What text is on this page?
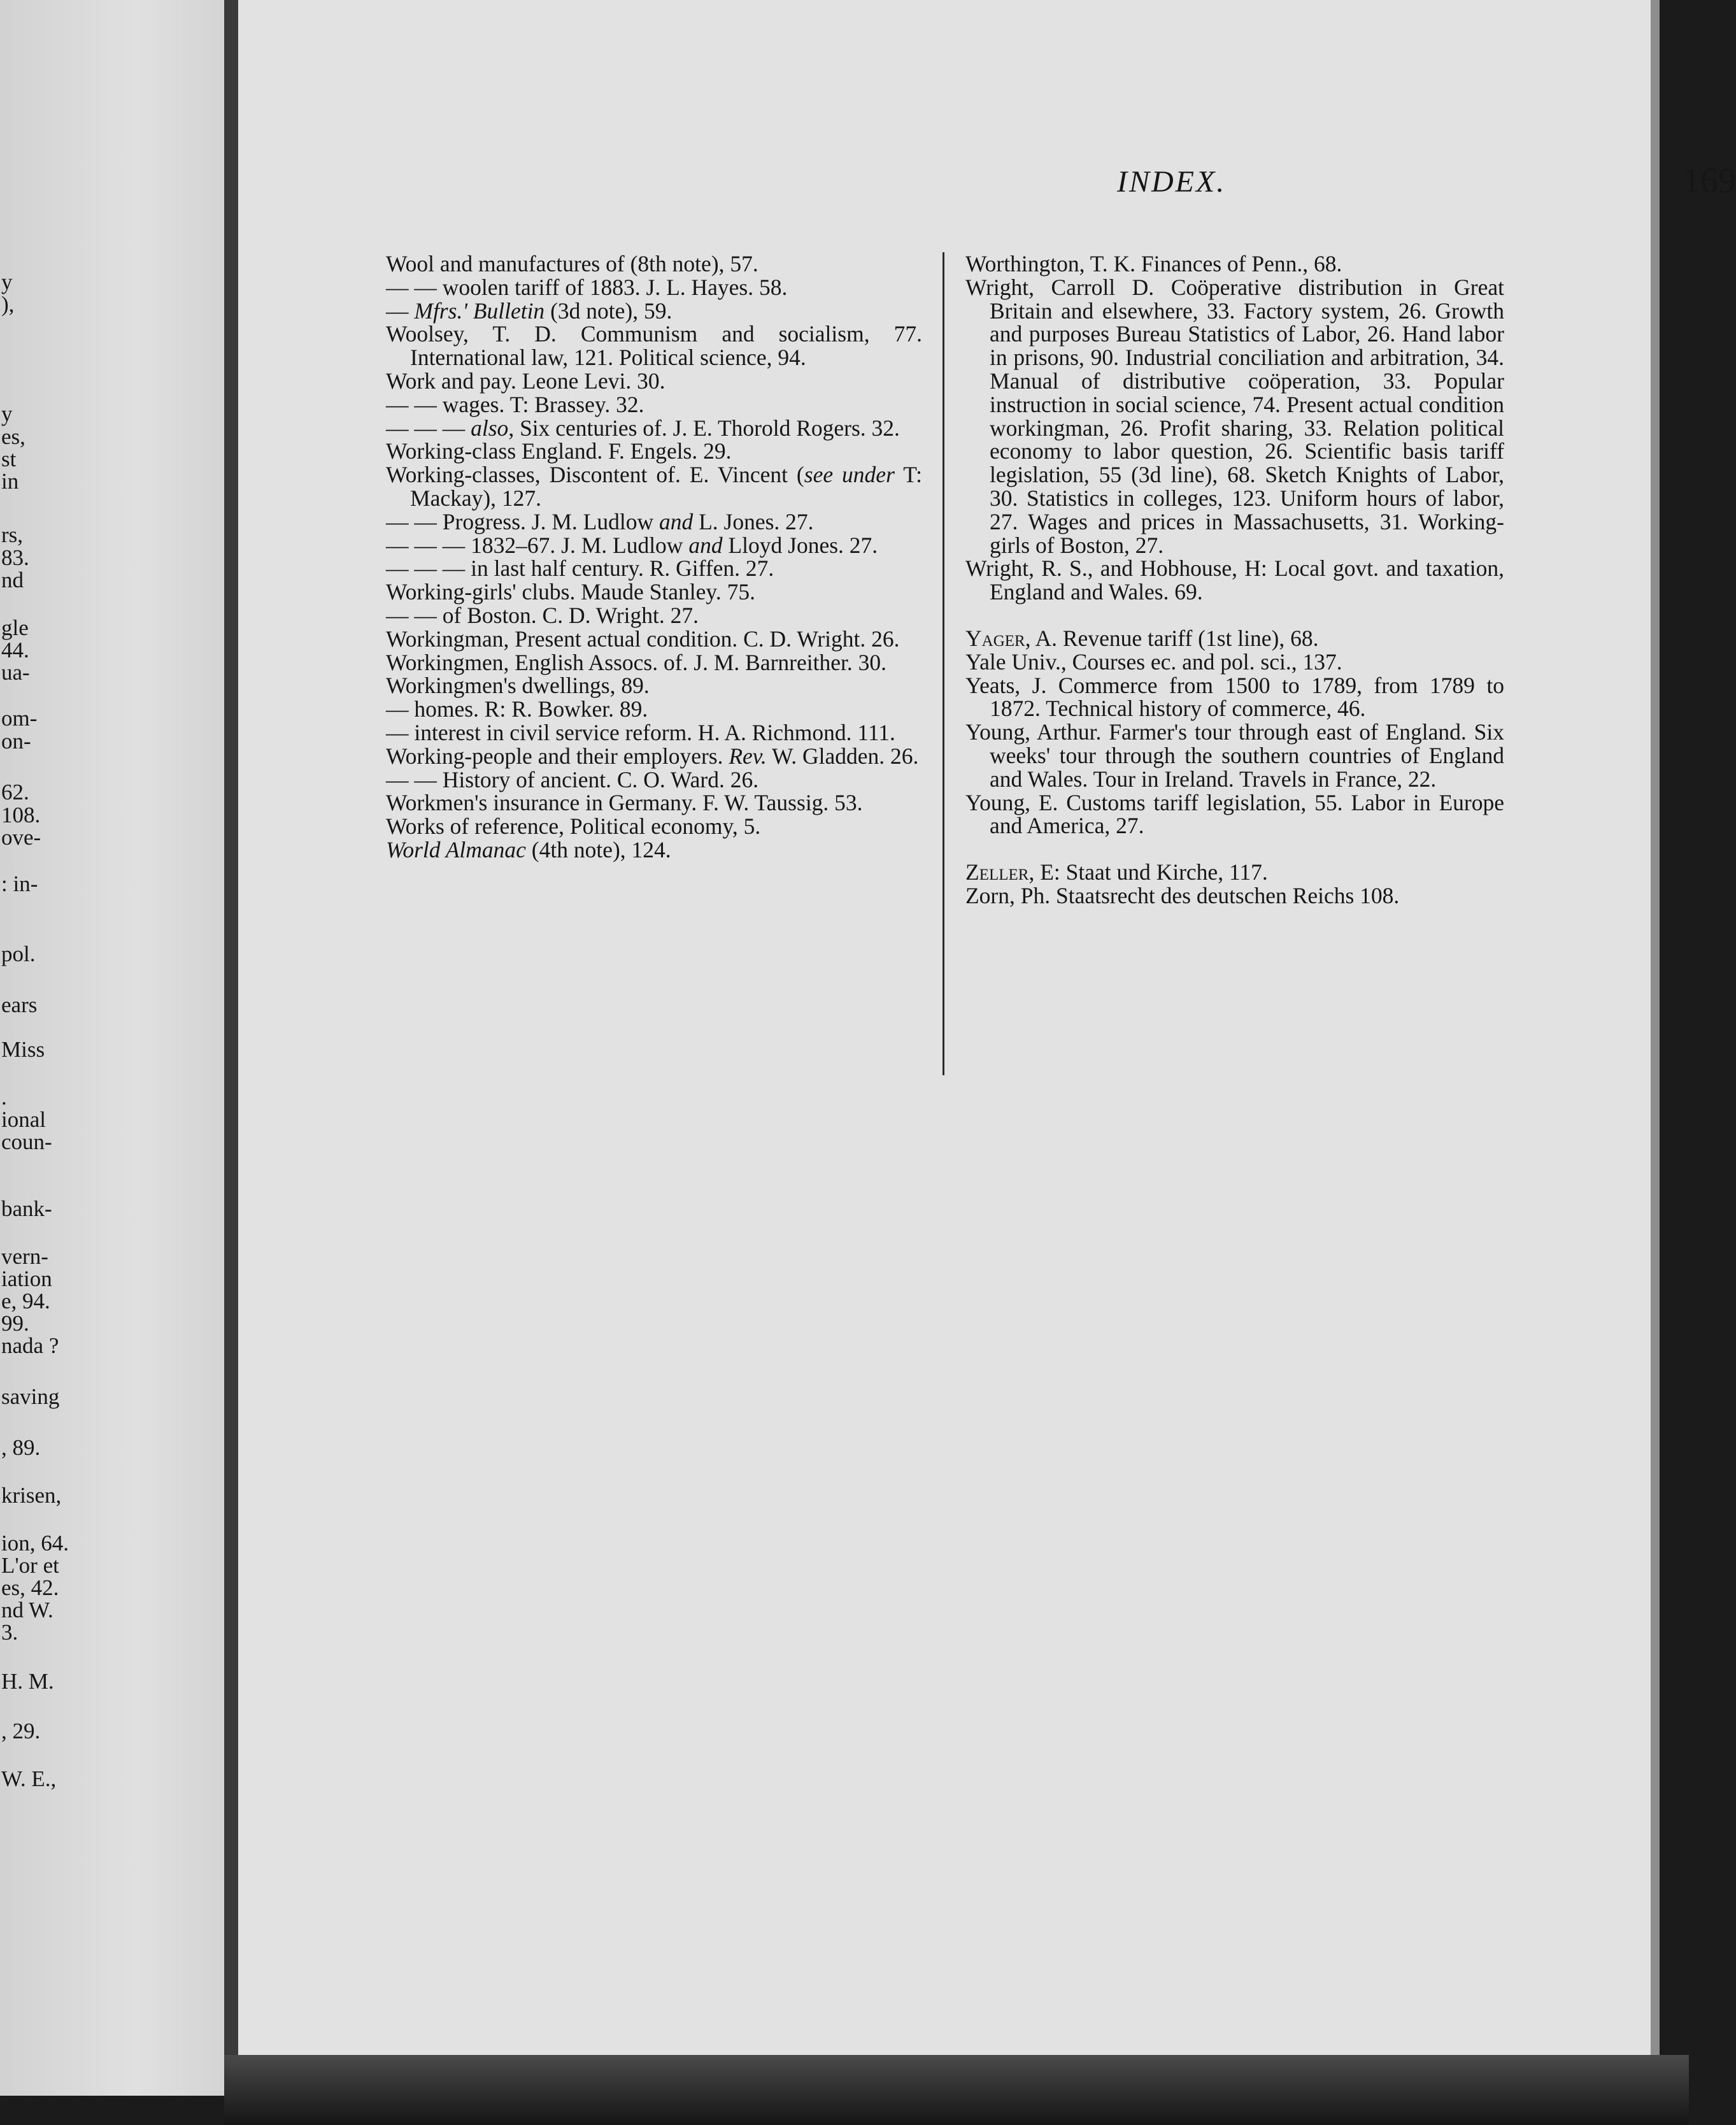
y
),
y
es,
st
in
rs,
83.
nd
gle
44.
ua-
om-
on-
62.
108.
ove-
: in-
pol.
ears
Miss
.
ional
coun-
bank-
vern-
iation
e, 94.
99.
nada ?
saving
, 89.
krisen,
ion, 64.
L'or et
es, 42.
nd W.
3.
H. M.
, 29.
W. E.,
INDEX.	169

Wool and manufactures of (8th note), 57.

— — woolen tariff of 1883. J. L. Hayes. 58.

— Mfrs.' Bulletin (3d note), 59.

Woolsey, T. D. Communism and socialism, 77. International law, 121. Political science, 94.

Work and pay. Leone Levi. 30.

— — wages. T: Brassey. 32.

— — — also, Six centuries of. J. E. Thorold Rogers. 32.

Working-class England. F. Engels. 29.

Working-classes, Discontent of. E. Vincent (see under T: Mackay), 127.

— — Progress. J. M. Ludlow and L. Jones. 27.

— — — 1832–67. J. M. Ludlow and Lloyd Jones. 27.

— — — in last half century. R. Giffen. 27.

Working-girls' clubs. Maude Stanley. 75.

— — of Boston. C. D. Wright. 27.

Workingman, Present actual condition. C. D. Wright. 26.

Workingmen, English Assocs. of. J. M. Barnreither. 30.

Workingmen's dwellings, 89.

— homes. R: R. Bowker. 89.

— interest in civil service reform. H. A. Richmond. 111.

Working-people and their employers. Rev. W. Gladden. 26.

— — History of ancient. C. O. Ward. 26.

Workmen's insurance in Germany. F. W. Taussig. 53.

Works of reference, Political economy, 5.

World Almanac (4th note), 124.

Worthington, T. K. Finances of Penn., 68.

Wright, Carroll D. Coöperative distribution in Great Britain and elsewhere, 33. Factory system, 26. Growth and purposes Bureau Statistics of Labor, 26. Hand labor in prisons, 90. Industrial conciliation and arbitration, 34. Manual of distributive coöperation, 33. Popular instruction in social science, 74. Present actual condition workingman, 26. Profit sharing, 33. Relation political economy to labor question, 26. Scientific basis tariff legislation, 55 (3d line), 68. Sketch Knights of Labor, 30. Statistics in colleges, 123. Uniform hours of labor, 27. Wages and prices in Massachusetts, 31. Working-girls of Boston, 27.

Wright, R. S., and Hobhouse, H: Local govt. and taxation, England and Wales. 69.

Yager, A. Revenue tariff (1st line), 68.

Yale Univ., Courses ec. and pol. sci., 137.

Yeats, J. Commerce from 1500 to 1789, from 1789 to 1872. Technical history of commerce, 46.

Young, Arthur. Farmer's tour through east of England. Six weeks' tour through the southern countries of England and Wales. Tour in Ireland. Travels in France, 22.

Young, E. Customs tariff legislation, 55. Labor in Europe and America, 27.

Zeller, E: Staat und Kirche, 117.

Zorn, Ph. Staatsrecht des deutschen Reichs 108.
